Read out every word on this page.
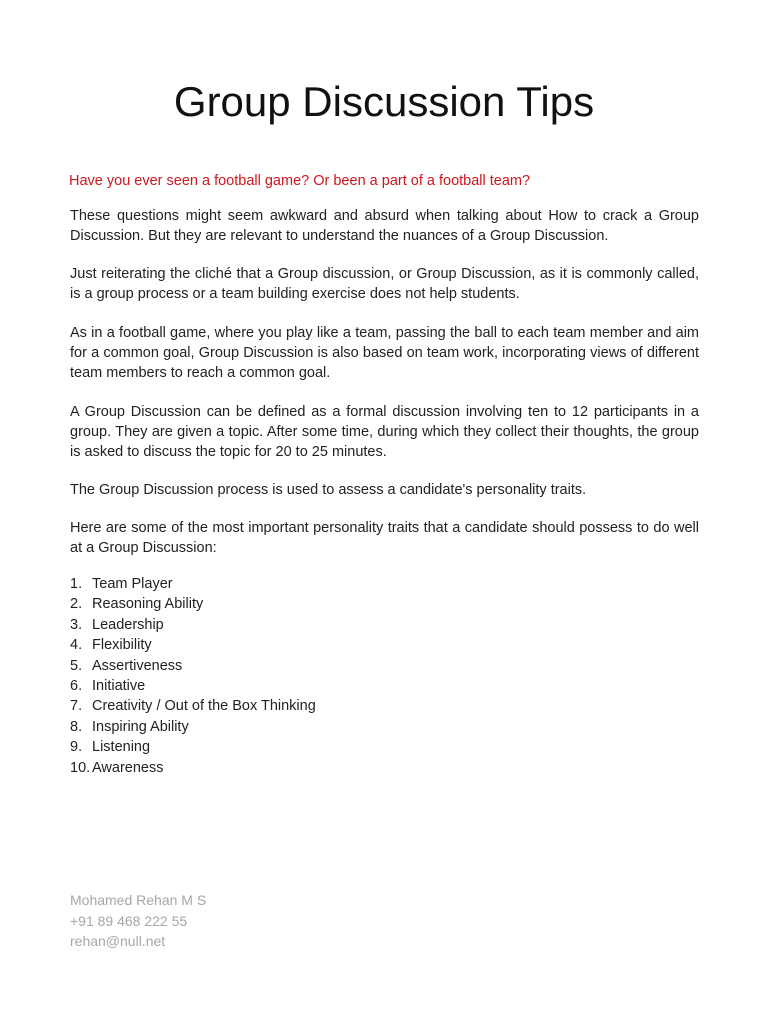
Group Discussion Tips

Have you ever seen a football game? Or been a part of a football team?

These questions might seem awkward and absurd when talking about How to crack a Group Discussion. But they are relevant to understand the nuances of a Group Discussion.

Just reiterating the cliché that a Group discussion, or Group Discussion, as it is commonly called, is a group process or a team building exercise does not help students.

As in a football game, where you play like a team, passing the ball to each team member and aim for a common goal, Group Discussion is also based on team work, incorporating views of different team members to reach a common goal.

A Group Discussion can be defined as a formal discussion involving ten to 12 participants in a group. They are given a topic. After some time, during which they collect their thoughts, the group is asked to discuss the topic for 20 to 25 minutes.

The Group Discussion process is used to assess a candidate's personality traits.

Here are some of the most important personality traits that a candidate should possess to do well at a Group Discussion:

1. Team Player
2. Reasoning Ability
3. Leadership
4. Flexibility
5. Assertiveness
6. Initiative
7. Creativity / Out of the Box Thinking
8. Inspiring Ability
9. Listening
10. Awareness
Mohamed Rehan M S
+91 89 468 222 55
rehan@null.net
